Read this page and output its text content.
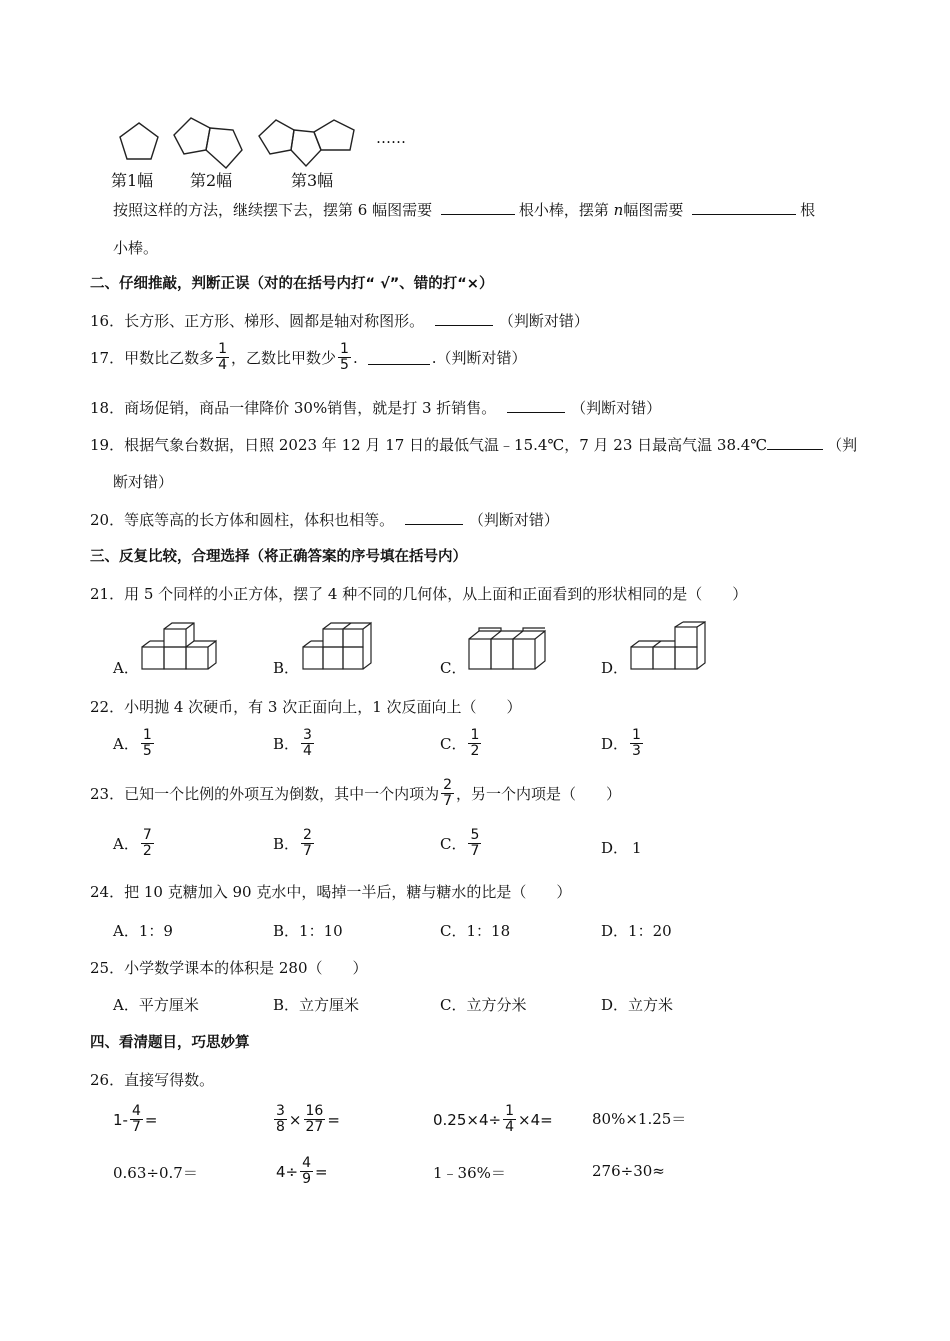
……
第1幅 第2幅	第3幅
按照这样的方法，继续摆下去，摆第 6 幅图需要	根小棒，摆第 n幅图需要	根
小棒。
二、仔细推敲，判断正误（对的在括号内打“ √”、错的打“×）
16．长方形、正方形、梯形、圆都是轴对称图形。	（判断对错）
17．甲数比乙数多 $\frac{1}{4}$ ，乙数比甲数少 $\frac{1}{5}$ .	.（判断对错）
18．商场促销，商品一律降价 30%销售，就是打 3 折销售。	（判断对错）
19．根据气象台数据，日照 2023 年 12 月 17 日的最低气温﹣15.4℃，7 月 23 日最高气温 38.4℃	（判
断对错）
20．等底等高的长方体和圆柱，体积也相等。	（判断对错）
三、反复比较，合理选择（将正确答案的序号填在括号内）
21．用 5 个同样的小正方体，摆了 4 种不同的几何体，从上面和正面看到的形状相同的是（　　）
A．	B．	C．	D．
22．小明抛 4 次硬币，有 3 次正面向上，1 次反面向上（　　）
A． $\frac{1}{5}$	B． $\frac{3}{4}$	C． $\frac{1}{2}$	D． $\frac{1}{3}$
23．已知一个比例的外项互为倒数，其中一个内项为 $\frac{2}{7}$ ，另一个内项是（　　）
A． $\frac{7}{2}$	B． $\frac{2}{7}$	C． $\frac{5}{7}$	D． 1
24．把 10 克糖加入 90 克水中，喝掉一半后，糖与糖水的比是（　　）
A．1：9	B．1：10	C．1：18	D．1：20
25．小学数学课本的体积是 280（　　）
A．平方厘米	B．立方厘米	C．立方分米	D．立方米
四、看清题目，巧思妙算
26．直接写得数。
$1- \frac{4}{7}$ =	$\frac{3}{8} \times \frac{16}{27}$ =	$0.25\times 4\div \frac{1}{4} \times 4=$	80%×1.25＝
0.63÷0.7＝	$4\div \frac{4}{9}$ =	1﹣36%＝	276÷30≈
